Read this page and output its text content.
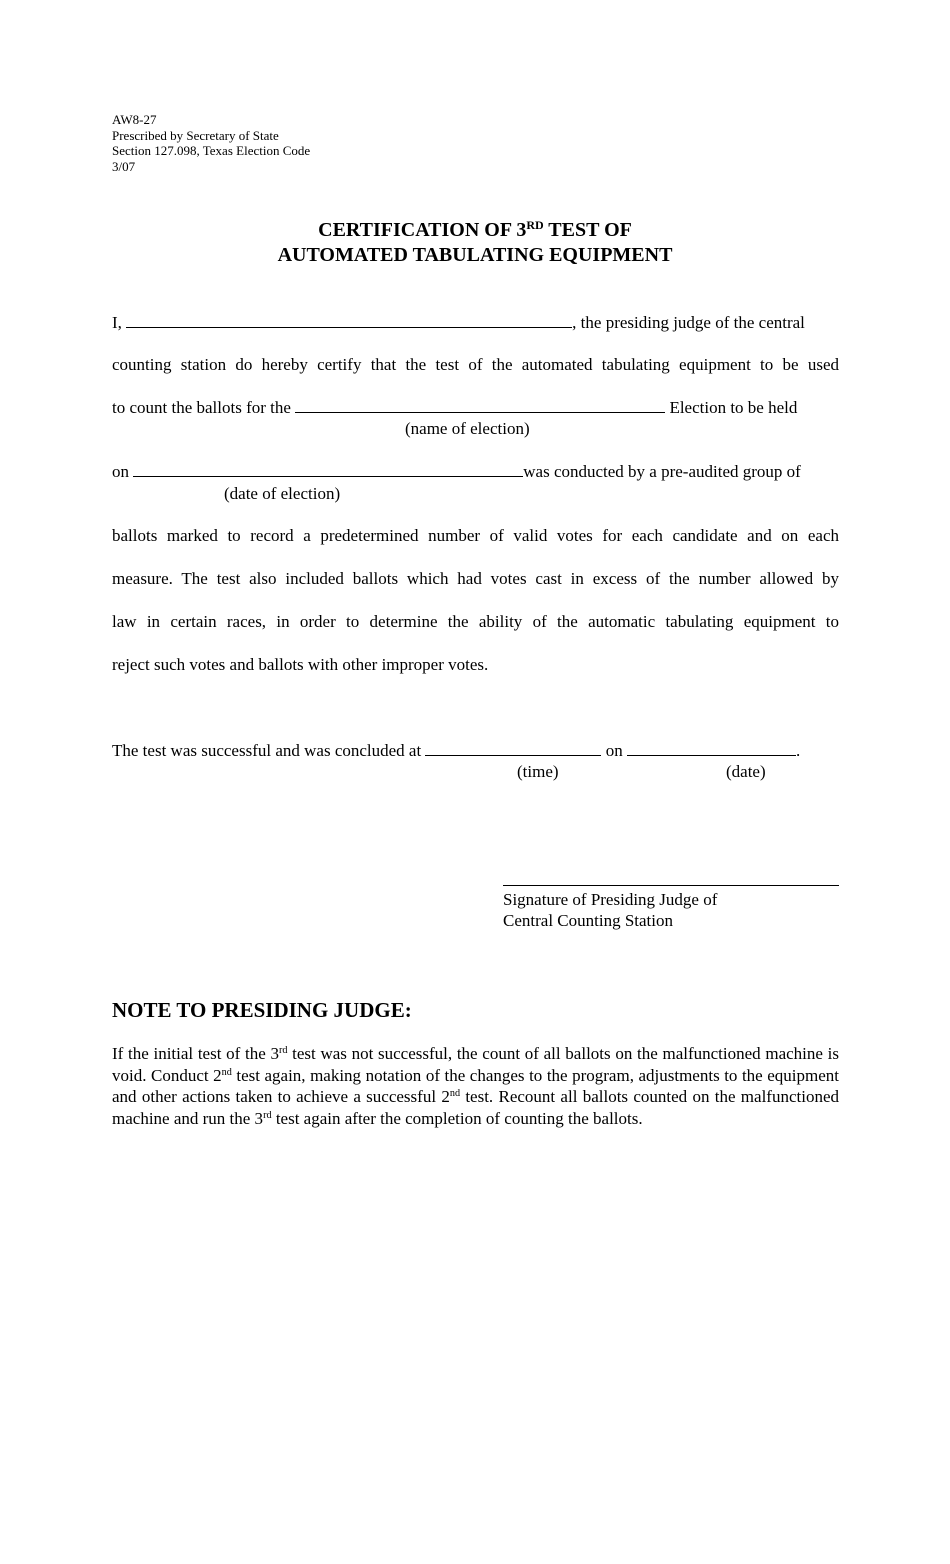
AW8-27
Prescribed by Secretary of State
Section 127.098, Texas Election Code
3/07
CERTIFICATION OF 3RD TEST OF
AUTOMATED TABULATING EQUIPMENT
I,	, the presiding judge of the central
counting station do hereby certify that the test of the automated tabulating equipment to be used
to count the ballots for the	Election to be held
(name of election)
on	was conducted by a pre-audited group of
(date of election)
ballots marked to record a predetermined number of valid votes for each candidate and on each
measure. The test also included ballots which had votes cast in excess of the number allowed by
law in certain races, in order to determine the ability of the automatic tabulating equipment to
reject such votes and ballots with other improper votes.
The test was successful and was concluded at	on	.
(time)	(date)
Signature of Presiding Judge of
Central Counting Station
NOTE TO PRESIDING JUDGE:
If the initial test of the 3rd test was not successful, the count of all ballots on the malfunctioned machine is void. Conduct 2nd test again, making notation of the changes to the program, adjustments to the equipment and other actions taken to achieve a successful 2nd test. Recount all ballots counted on the malfunctioned machine and run the 3rd test again after the completion of counting the ballots.
